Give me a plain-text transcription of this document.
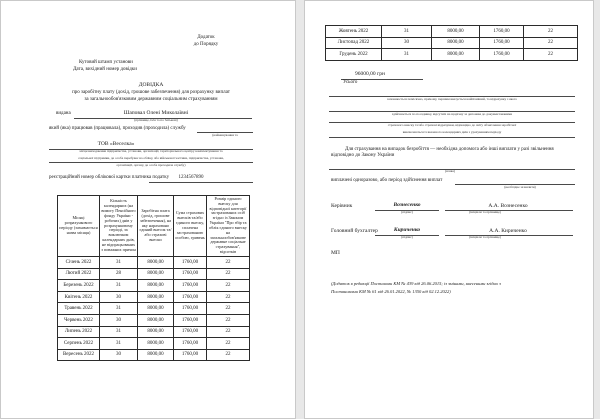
Додаток
до Порядку
Кутовий штамп установи
Дата, вихідний номер довідки
ДОВІДКА
про заробітну плату (дохід, грошове забезпечення) для розрахунку виплат
за загальнообов'язковим державним соціальним страхуванням
видана	Шаповал Олені Миколаївні
(прізвище, ім'я та по батькові)
який (яка) працював (працювала), проходив (проходила) службу
(найменування та
ТОВ «Веселка»
місцезнаходження підприємства, установи, організації, територіального центру комплектування та
соціальної підтримки, де особа перебуває на обліку, або військової частини, підприємства, установи,
організації, органу, де особа проходила службу)
реєстраційний номер облікової картки платника податку	1234567890
Місяці розрахункового періоду (зазначається назва місяця)	Кількість календарних (на вимогу Пенсійного фонду України - робочих) днів у розрахунковому періоді, за виключком календарних днів, не відпрацьованих з поважних причин	Заробітна плата (дохід, грошове забезпечення), на яку нараховано єдиний внесок та/або страхові внески	Сума страхових внесків та/або єдиного внеску, сплачена застрахованою особою, гривень	Розмір єдиного внеску для відповідної категорії застрахованих осіб згідно із Законом України "Про збір та облік єдиного внеску на загальнообов'язкове державне соціальне страхування", відсотків
Січень 2022	31	8000,00	1760,00	22
Лютий 2022	28	8000,00	1760,00	22
Березень 2022	31	8000,00	1760,00	22
Квітень 2022	30	8000,00	1760,00	22
Травень 2022	31	8000,00	1760,00	22
Червень 2022	30	8000,00	1760,00	22
Липень 2022	31	8000,00	1760,00	22
Серпень 2022	31	8000,00	1760,00	22
Вересень 2022	30	8000,00	1760,00	22
Жовтень 2022	31	8000,00	1760,00	22
Листопад 2022	30	8000,00	1760,00	22
Грудень 2022	31	8000,00	1760,00	22
96000,00 грн
Усього
заповнюється помісячно, причому, першим вказується найпізніший, та відрахунку з якого
здійснюється по посаднику, відсутніх на щорічну за депонава до документованими
страхового внеску та/або страхові відрахунки, відповідно до звіту обчислення заробітної
виключаються із вказаного календарних днів з урахуванням періоду
Для страхування на випадок безробіття — необхідна допомога або інші виплати у разі звільнення відповідно до Закону України
(назва)
виплачені одноразово, або період здійснення виплат
(необхідне зазначити)
Керівник	Вознесенко
(підпис)
А.А. Вознесенко
(ініціали та прізвище)
Головний бухгалтер	Кириченко
(підпис)
А.А. Кириченко
(ініціали та прізвище)
МП
(Додаток в редакції Постанови КМ № 439 від 26.06.2015; із змінами, внесеними згідно з
Постановами КМ № 61 від 26.01.2022, № 1350 від 02.12.2022)
